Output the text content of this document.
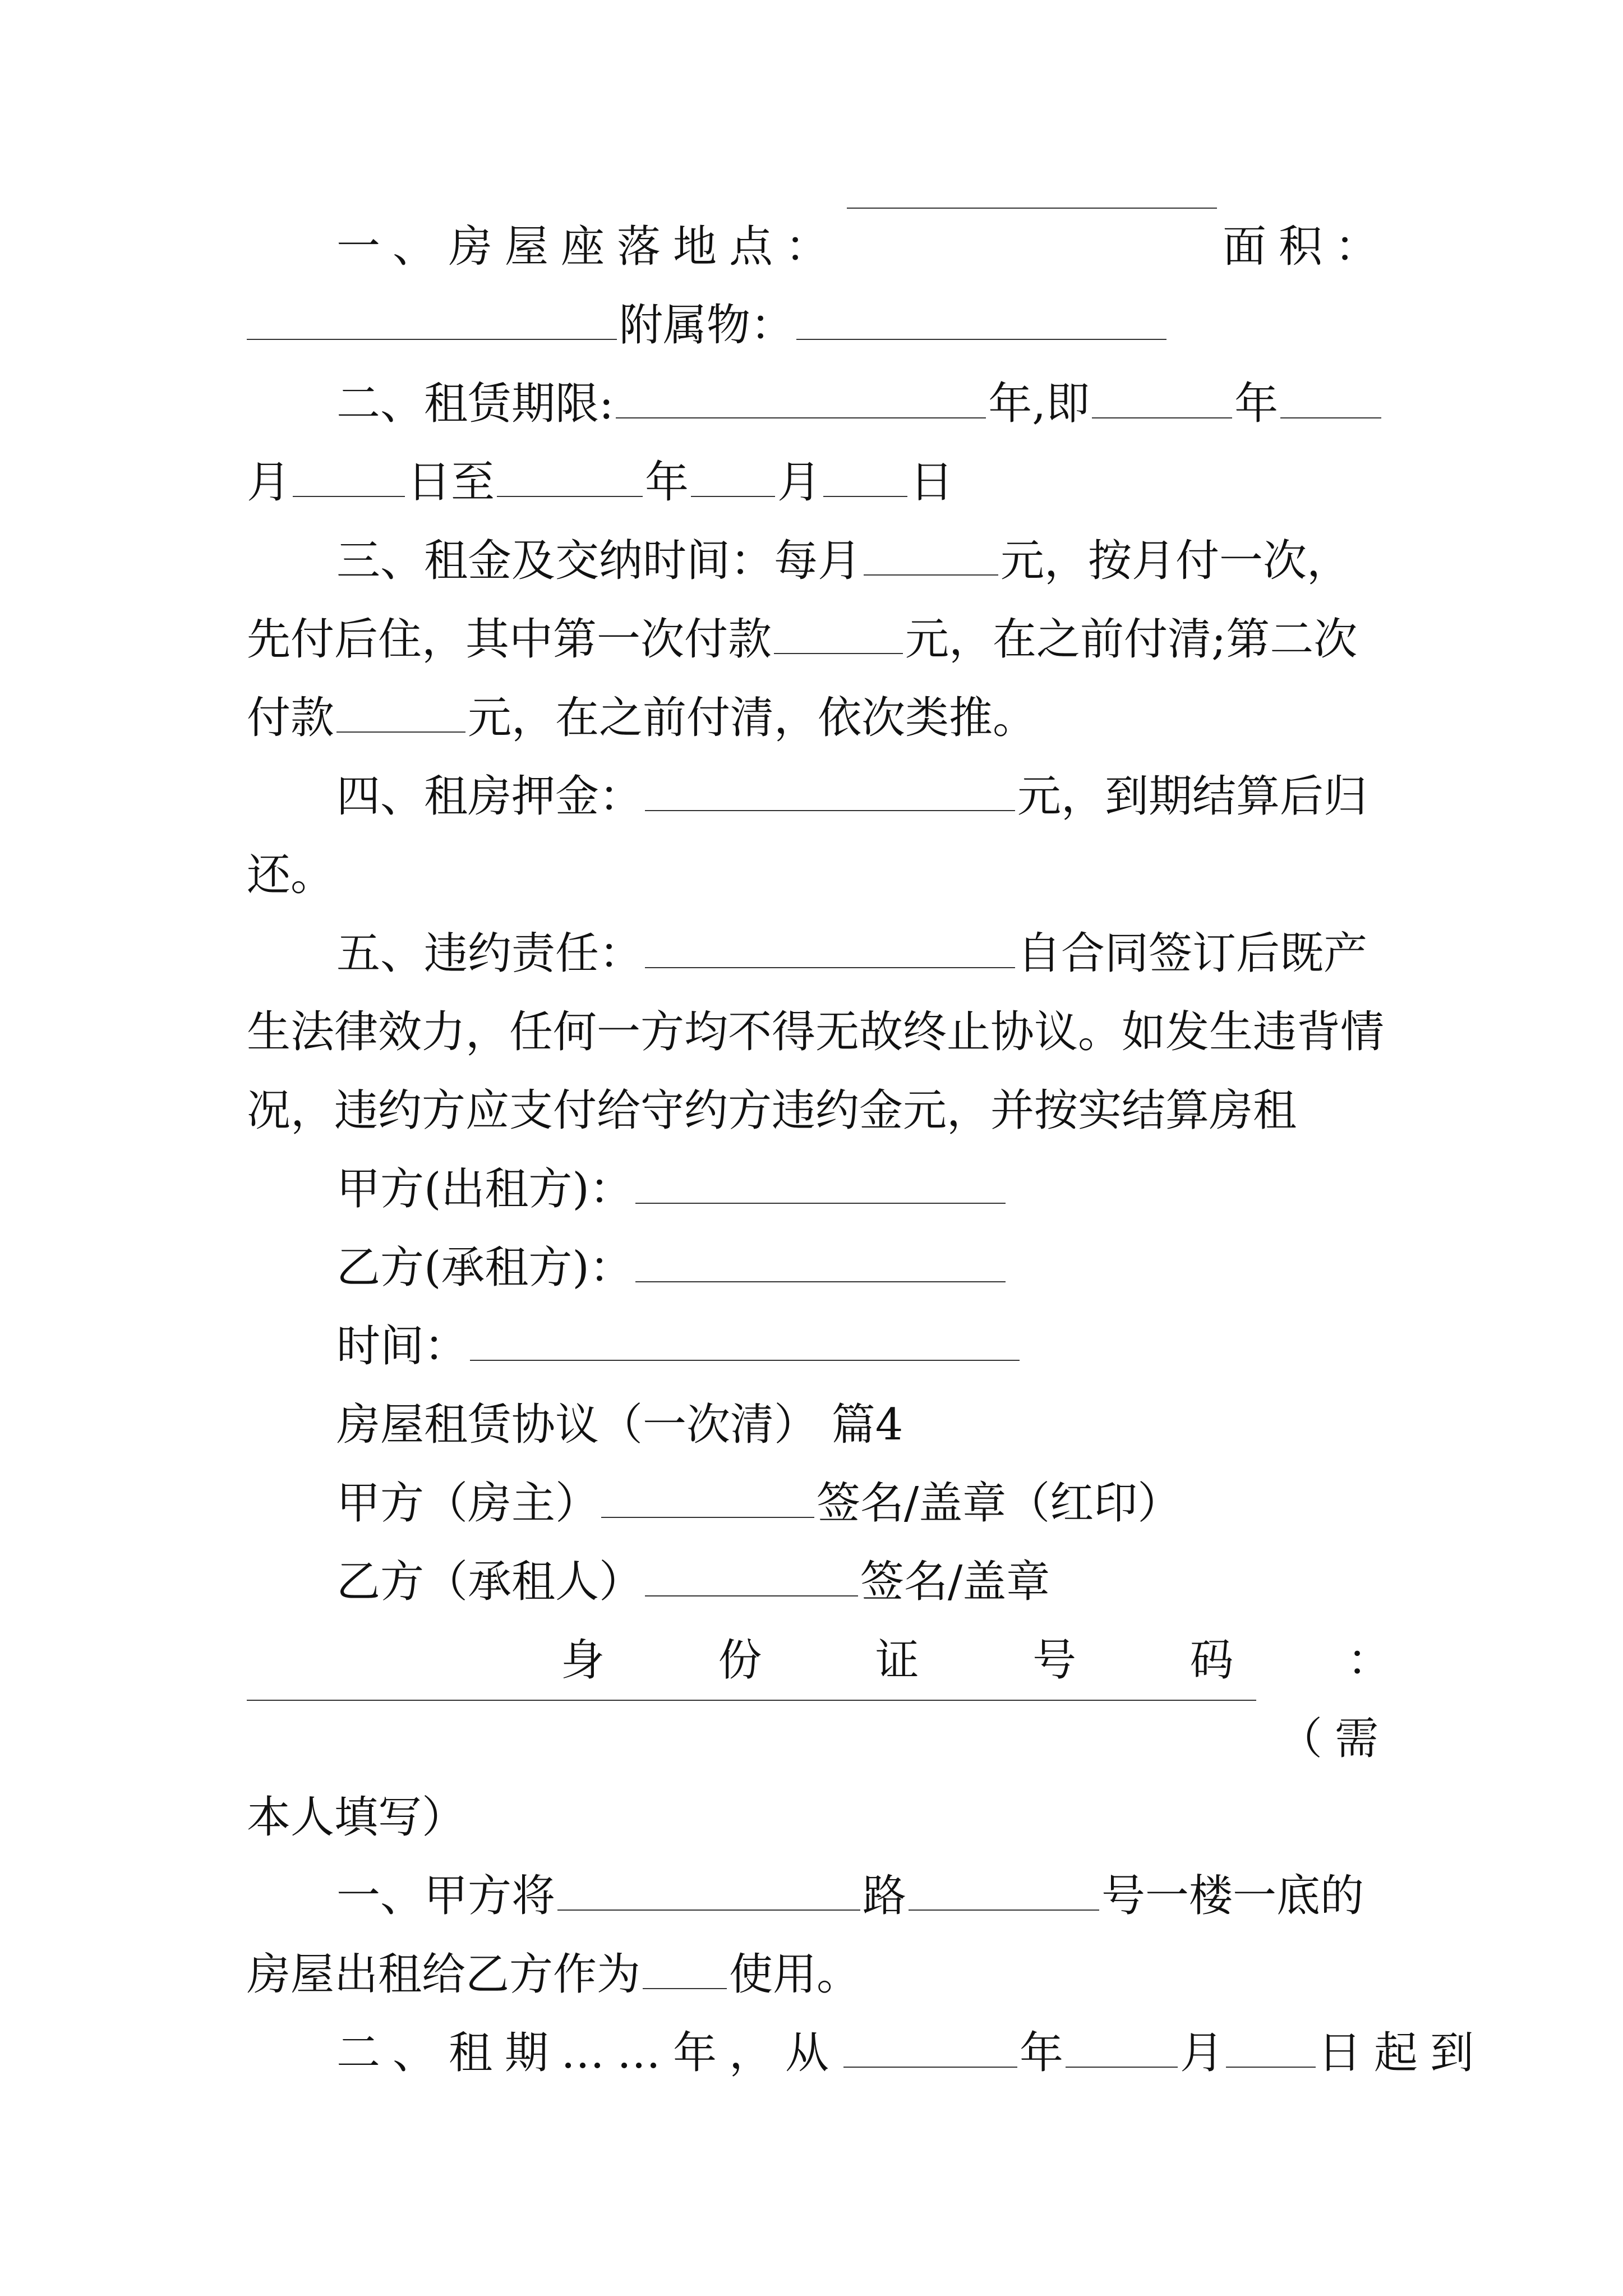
一、房屋座落地点：	面积：
附属物：
二、租赁期限:	年,即	年
月	日至	年 月 日
三、租金及交纳时间：每月	元，按月付一次，
先付后住，其中第一次付款	元，在之前付清;第二次
付款	元，在之前付清，依次类推。
四、租房押金：	元，到期结算后归
还。
五、违约责任：	自合同签订后既产
生法律效力，任何一方均不得无故终止协议。如发生违背情
况，违约方应支付给守约方违约金元，并按实结算房租
甲方(出租方)：
乙方(承租方)：
时间：
房屋租赁协议（一次清） 篇4
甲方（房主）	签名/盖章（红印）
乙方（承租人）	签名/盖章
身	份	证	号	码	：
（需
本人填写）
一、甲方将	路	号一楼一底的
房屋出租给乙方作为 使用。
二、租期……年，从	年	月 日起到
